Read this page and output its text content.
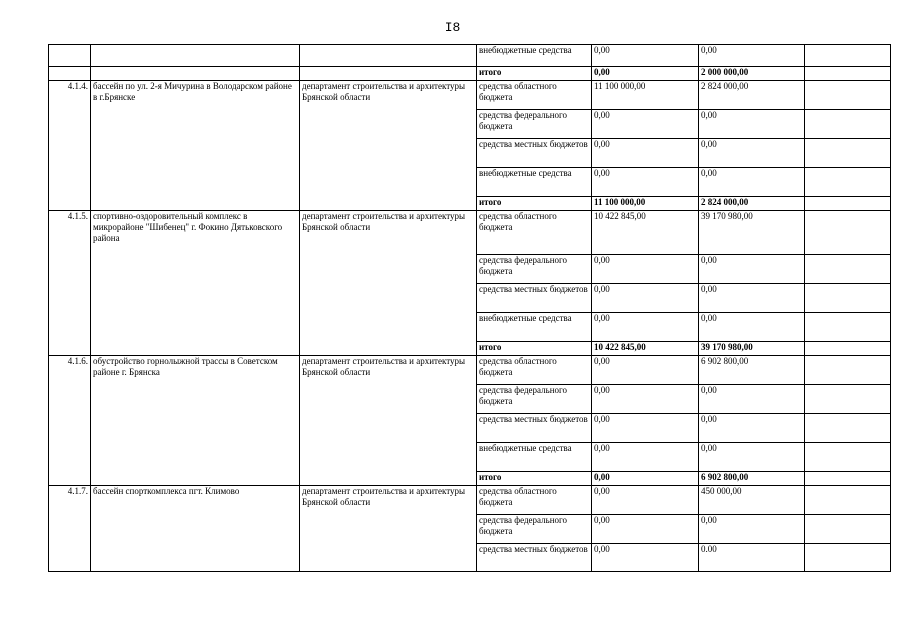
I8
			внебюджетные средства	0,00	0,00	
			итого	0,00	2 000 000,00	
4.1.4.	бассейн по ул. 2-я Мичурина в Володарском районе в г.Брянске	департамент строительства и архитектуры Брянской области	средства областного бюджета	11 100 000,00	2 824 000,00	
			средства федерального бюджета	0,00	0,00	
			средства местных бюджетов	0,00	0,00	
			внебюджетные средства	0,00	0,00	
			итого	11 100 000,00	2 824 000,00	
4.1.5.	спортивно-оздоровительный комплекс в микрорайоне "Шибенец" г. Фокино Дятьковского района	департамент строительства и архитектуры Брянской области	средства областного бюджета	10 422 845,00	39 170 980,00	
			средства федерального бюджета	0,00	0,00	
			средства местных бюджетов	0,00	0,00	
			внебюджетные средства	0,00	0,00	
			итого	10 422 845,00	39 170 980,00	
4.1.6.	обустройство горнолыжной трассы в Советском районе г. Брянска	департамент строительства и архитектуры Брянской области	средства областного бюджета	0,00	6 902 800,00	
			средства федерального бюджета	0,00	0,00	
			средства местных бюджетов	0,00	0,00	
			внебюджетные средства	0,00	0,00	
			итого	0,00	6 902 800,00	
4.1.7.	бассейн спорткомплекса пгт. Климово	департамент строительства и архитектуры Брянской области	средства областного бюджета	0,00	450 000,00	
			средства федерального бюджета	0,00	0,00	
			средства местных бюджетов	0,00	0.00	
